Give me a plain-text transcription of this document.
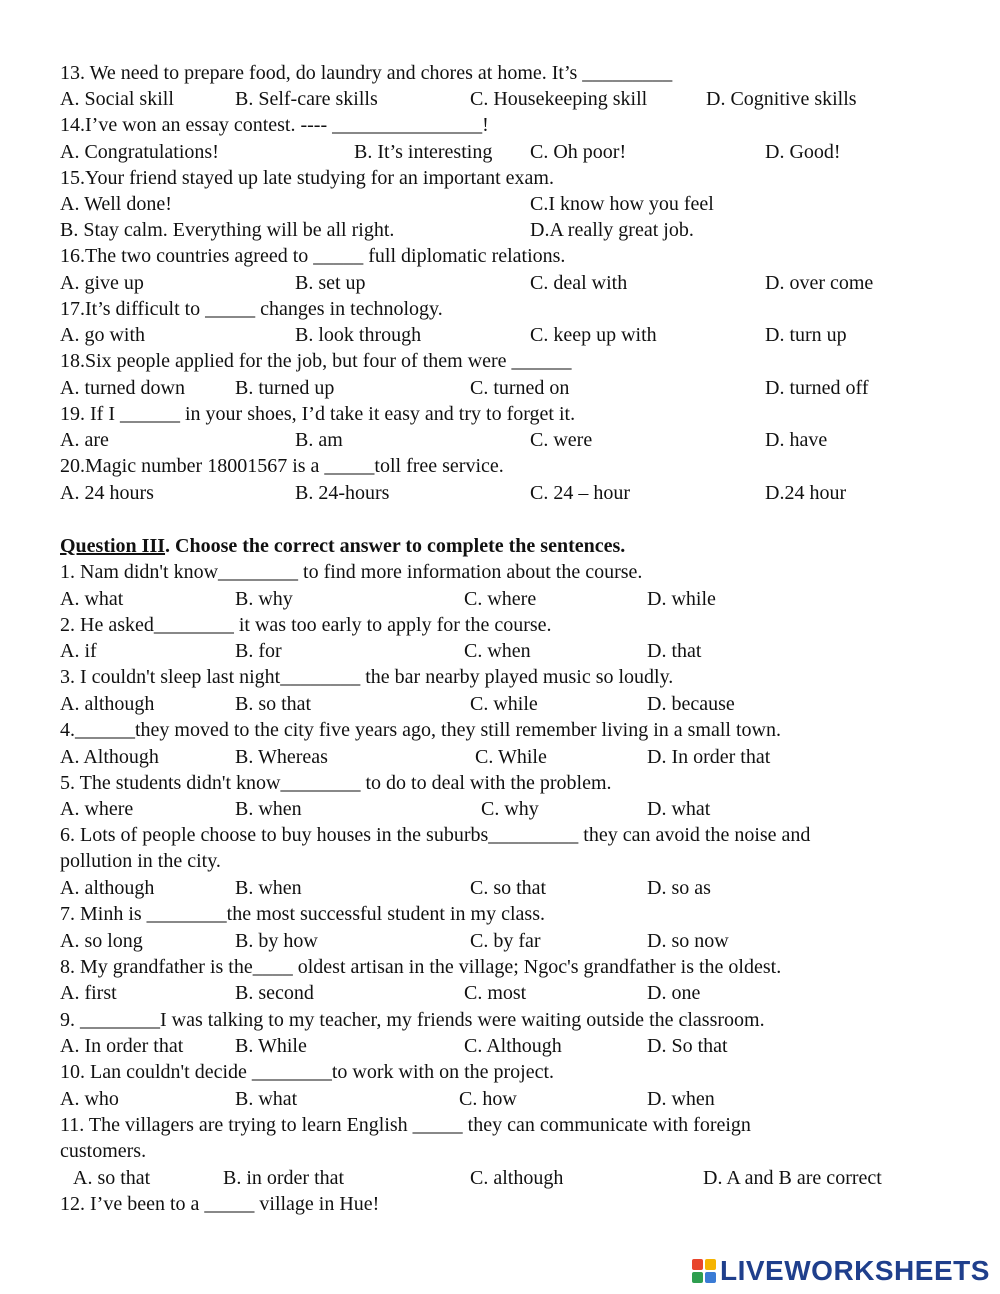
13. We need to prepare food, do laundry and chores at home. It’s _________
A. Social skill	B. Self-care skills	C. Housekeeping skill	D. Cognitive skills
14.I’ve won an essay contest. ---- _______________!
A. Congratulations!	B. It’s interesting C. Oh poor!	D. Good!
15.Your friend stayed up late studying for an important exam.
A. Well done!	C.I know how you feel
B. Stay calm. Everything will be all right.	D.A really great job.
16.The two countries agreed to _____ full diplomatic relations.
A. give up	B. set up	C. deal with	D. over come
17.It’s difficult to _____ changes in technology.
A. go with	B. look through	C. keep up with	D. turn up
18.Six people applied for the job, but four of them were ______
A. turned down	B. turned up	C. turned on	D. turned off
19. If I ______ in your shoes, I’d take it easy and try to forget it.
A. are	B. am	C. were	D. have
20.Magic number 18001567 is a _____toll free service.
A. 24 hours	B. 24-hours	C. 24 – hour	D.24 hour
Question III. Choose the correct answer to complete the sentences.
1. Nam didn't know________ to find more information about the course.
A. what	B. why	C. where	D. while
2. He asked________ it was too early to apply for the course.
A. if	B. for	C. when	D. that
3. I couldn't sleep last night________ the bar nearby played music so loudly.
A. although	B. so that	C. while	D. because
4.______they moved to the city five years ago, they still remember living in a small town.
A. Although	B. Whereas	C. While	D. In order that
5. The students didn't know________ to do to deal with the problem.
A. where	B. when	C. why	D. what
6. Lots of people choose to buy houses in the suburbs_________ they can avoid the noise and
pollution in the city.
A. although	B. when	C. so that	D. so as
7. Minh is ________the most successful student in my class.
A. so long	B. by how	C. by far	D. so now
8. My grandfather is the____ oldest artisan in the village; Ngoc's grandfather is the oldest.
A. first	B. second	C. most	D. one
9. ________I was talking to my teacher, my friends were waiting outside the classroom.
A. In order that	B. While	C. Although	D. So that
10. Lan couldn't decide ________to work with on the project.
A. who	B. what	C. how	D. when
11. The villagers are trying to learn English _____ they can communicate with foreign
customers.
A. so that	B. in order that	C. although	D. A and B are correct
12. I’ve been to a _____ village in Hue!
LIVEWORKSHEETS
